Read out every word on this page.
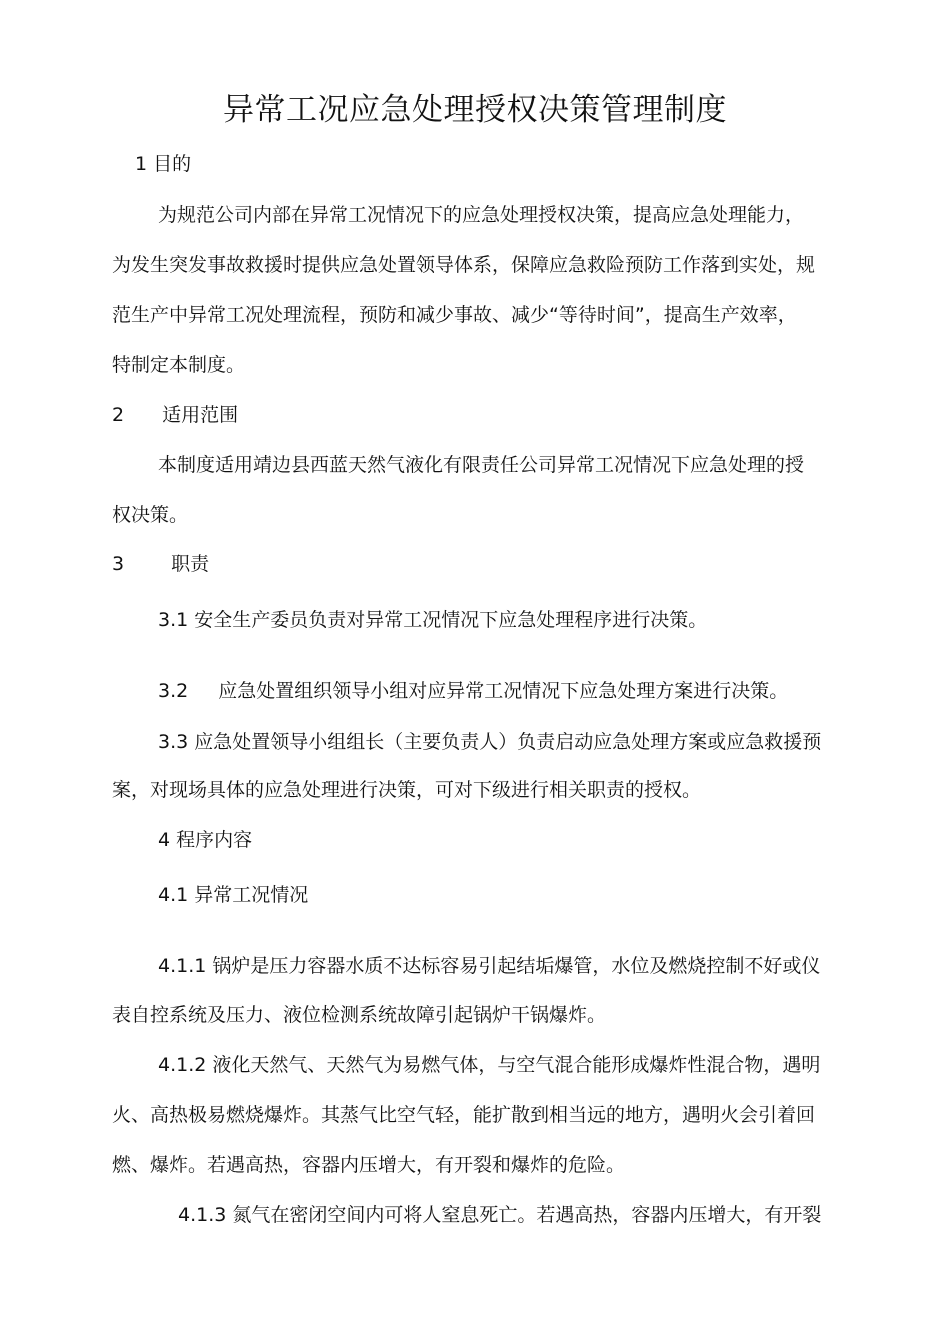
异常工况应急处理授权决策管理制度
1 目的
为规范公司内部在异常工况情况下的应急处理授权决策，提高应急处理能力，
为发生突发事故救援时提供应急处置领导体系，保障应急救险预防工作落到实处，规
范生产中异常工况处理流程，预防和减少事故、减少“等待时间”，提高生产效率，
特制定本制度。
2 适用范围
本制度适用靖边县西蓝天然气液化有限责任公司异常工况情况下应急处理的授
权决策。
3 职责
3.1 安全生产委员负责对异常工况情况下应急处理程序进行决策。
3.2 应急处置组织领导小组对应异常工况情况下应急处理方案进行决策。
3.3 应急处置领导小组组长（主要负责人）负责启动应急处理方案或应急救援预
案，对现场具体的应急处理进行决策，可对下级进行相关职责的授权。
4 程序内容
4.1 异常工况情况
4.1.1 锅炉是压力容器水质不达标容易引起结垢爆管，水位及燃烧控制不好或仪
表自控系统及压力、液位检测系统故障引起锅炉干锅爆炸。
4.1.2 液化天然气、天然气为易燃气体，与空气混合能形成爆炸性混合物，遇明
火、高热极易燃烧爆炸。其蒸气比空气轻，能扩散到相当远的地方，遇明火会引着回
燃、爆炸。若遇高热，容器内压增大，有开裂和爆炸的危险。
4.1.3 氮气在密闭空间内可将人窒息死亡。若遇高热，容器内压增大，有开裂
